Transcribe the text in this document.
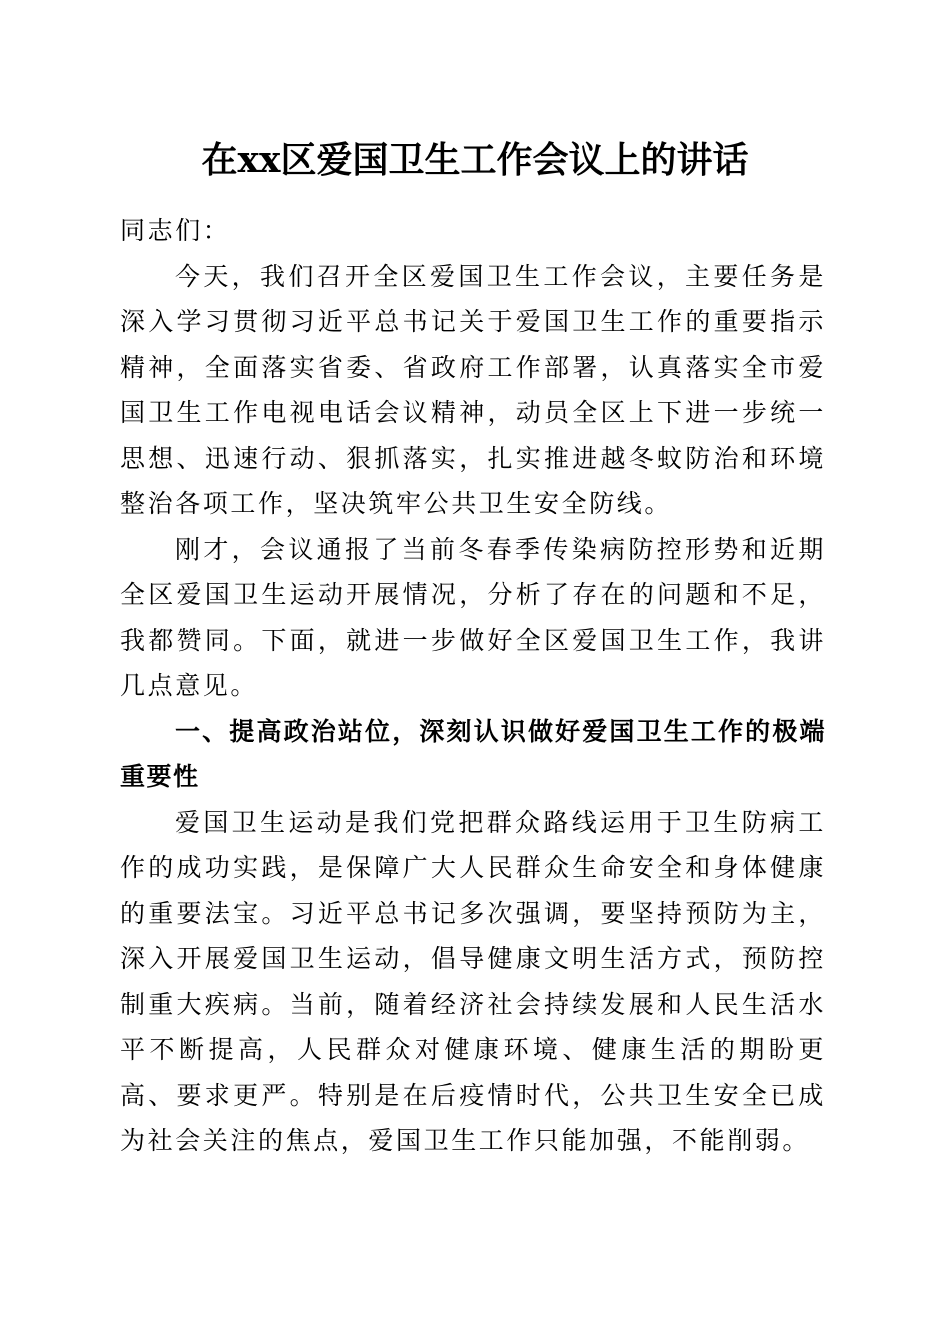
在xx区爱国卫生工作会议上的讲话

同志们：

今天，我们召开全区爱国卫生工作会议，主要任务是深入学习贯彻习近平总书记关于爱国卫生工作的重要指示精神，全面落实省委、省政府工作部署，认真落实全市爱国卫生工作电视电话会议精神，动员全区上下进一步统一思想、迅速行动、狠抓落实，扎实推进越冬蚊防治和环境整治各项工作，坚决筑牢公共卫生安全防线。

刚才，会议通报了当前冬春季传染病防控形势和近期全区爱国卫生运动开展情况，分析了存在的问题和不足，我都赞同。下面，就进一步做好全区爱国卫生工作，我讲几点意见。

一、提高政治站位，深刻认识做好爱国卫生工作的极端重要性

爱国卫生运动是我们党把群众路线运用于卫生防病工作的成功实践，是保障广大人民群众生命安全和身体健康的重要法宝。习近平总书记多次强调，要坚持预防为主，深入开展爱国卫生运动，倡导健康文明生活方式，预防控制重大疾病。当前，随着经济社会持续发展和人民生活水平不断提高，人民群众对健康环境、健康生活的期盼更高、要求更严。特别是在后疫情时代，公共卫生安全已成为社会关注的焦点，爱国卫生工作只能加强，不能削弱。
